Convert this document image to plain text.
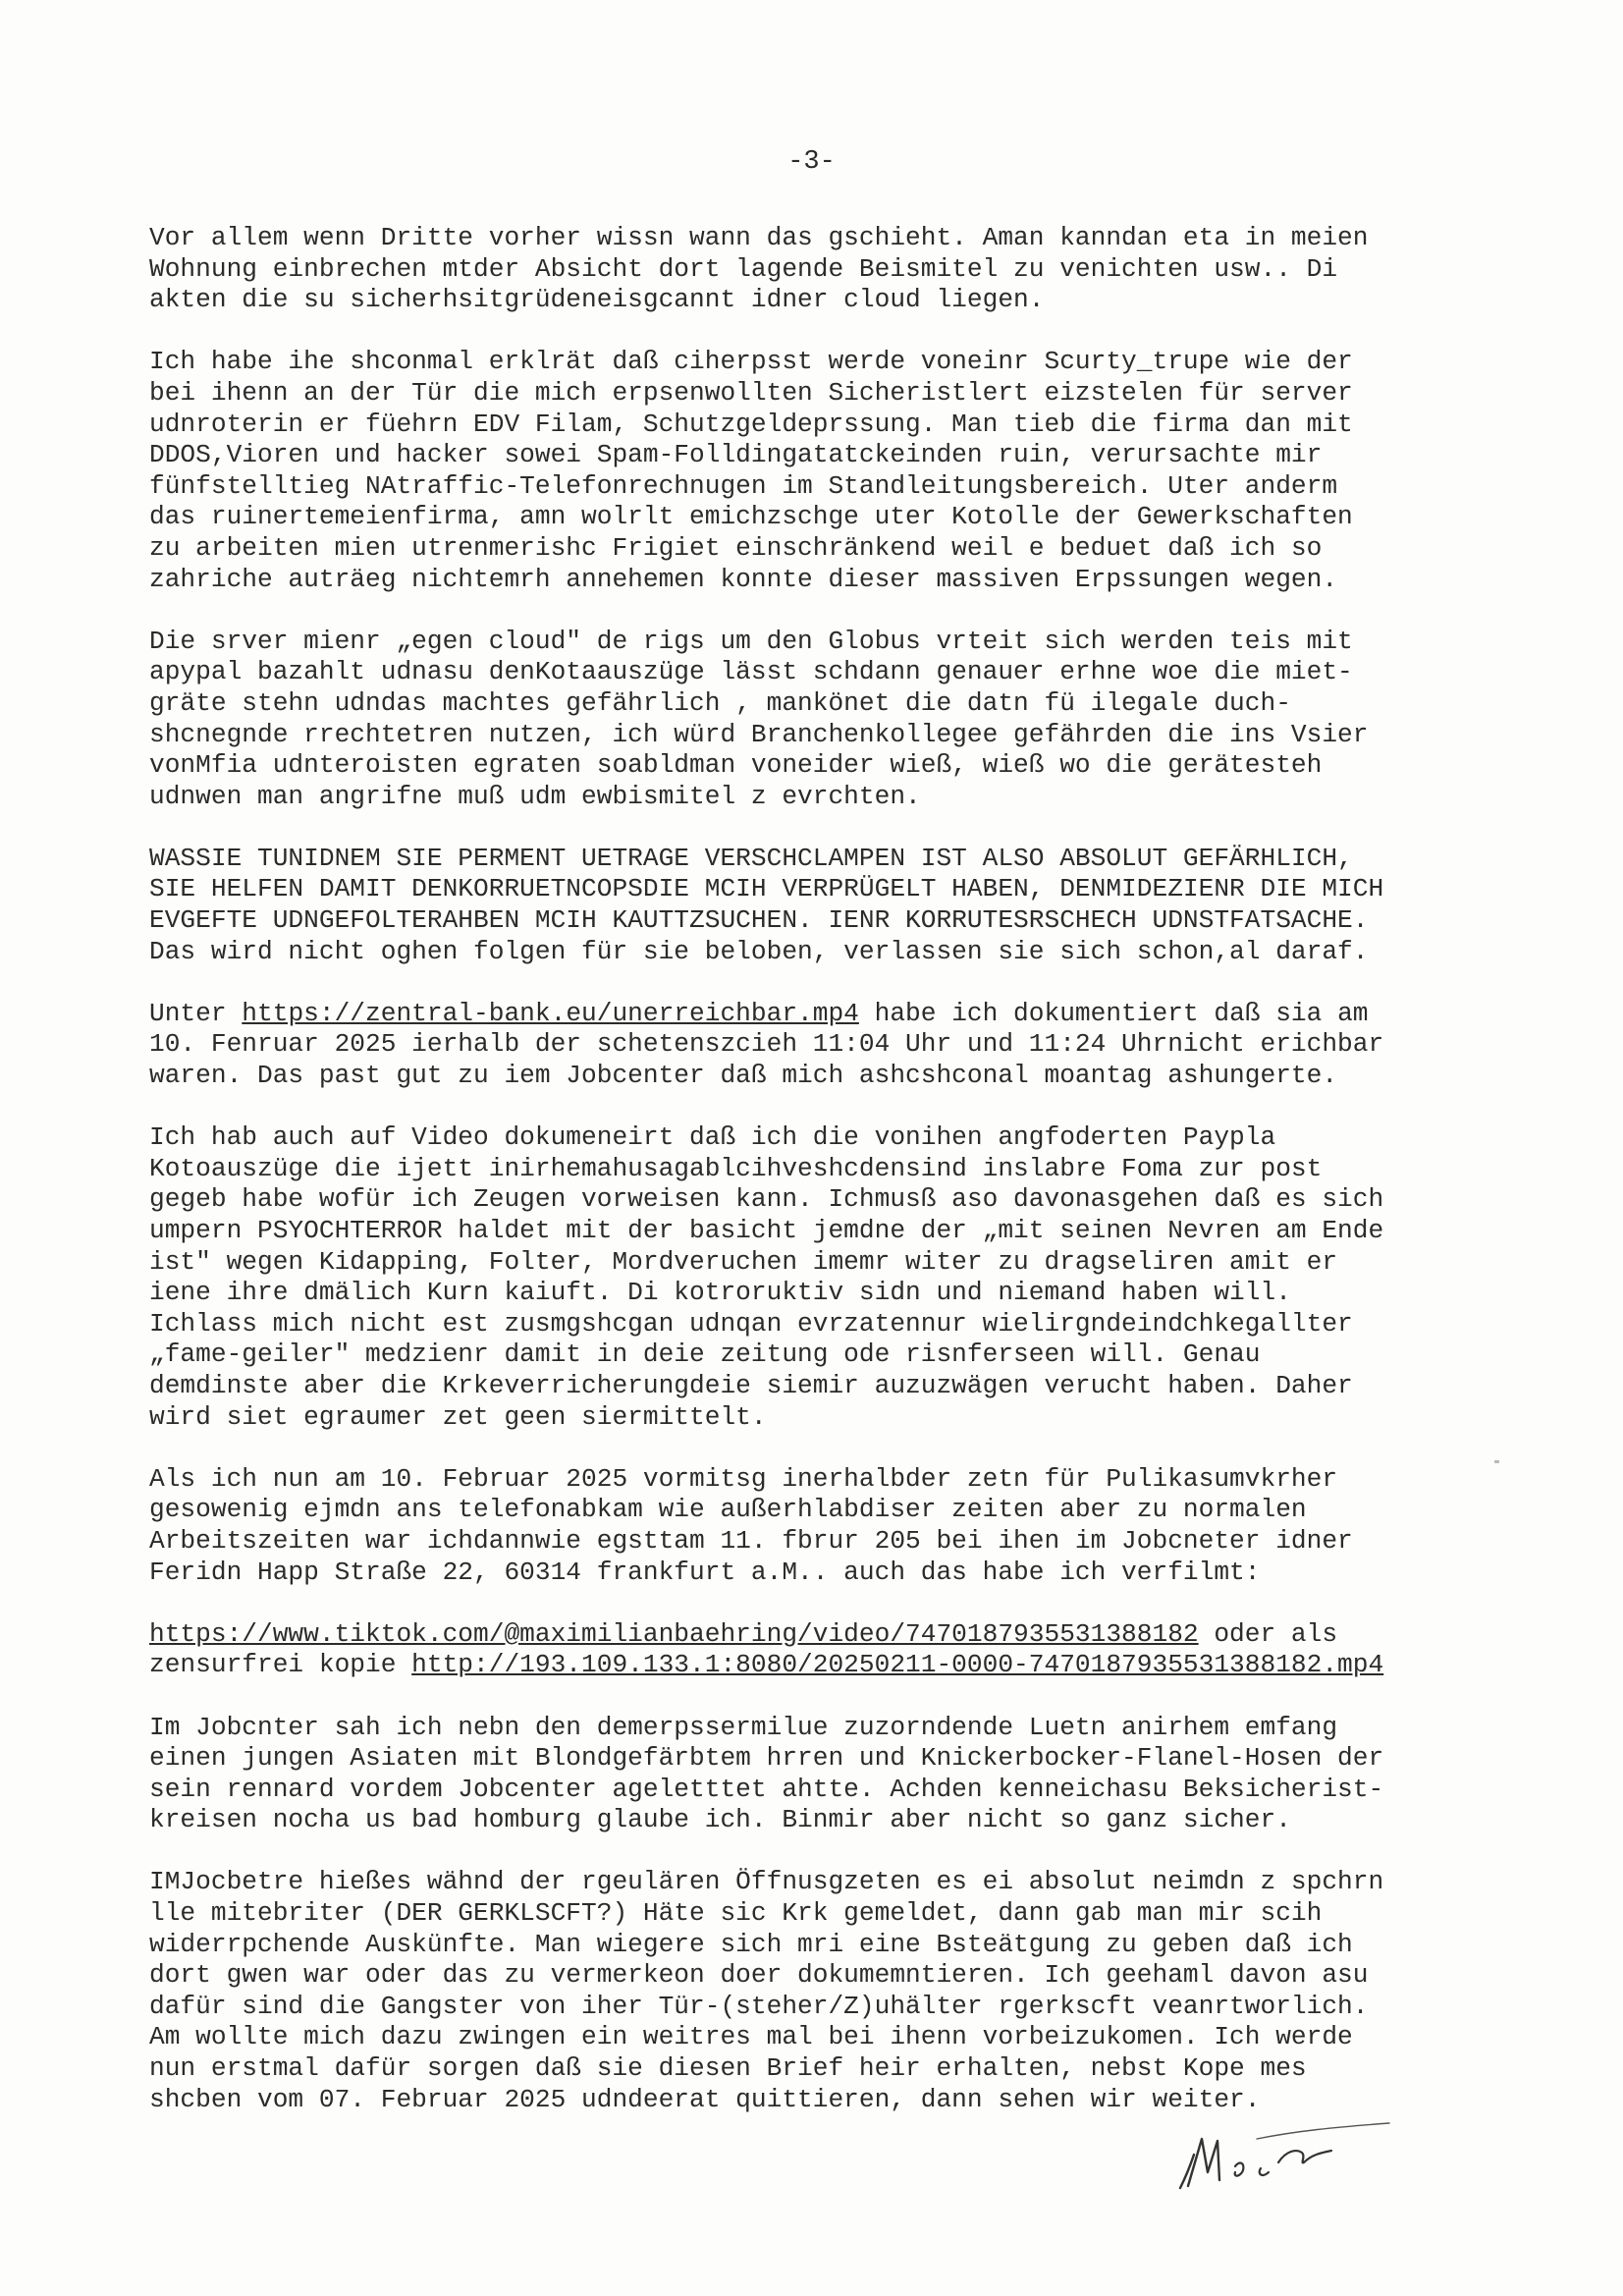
-3-
Vor allem wenn Dritte vorher wissn wann das gschieht. Aman kanndan eta in meien
Wohnung einbrechen mtder Absicht dort lagende Beismitel zu venichten usw.. Di
akten die su sicherhsitgrüdeneisgcannt idner cloud liegen.
Ich habe ihe shconmal erklrät daß ciherpsst werde voneinr Scurty_trupe wie der
bei ihenn an der Tür die mich erpsenwollten Sicheristlert eizstelen für server
udnroterin er füehrn EDV Filam, Schutzgeldeprssung. Man tieb die firma dan mit
DDOS,Vioren und hacker sowei Spam-Folldingatatckeinden ruin, verursachte mir
fünfstelltieg NAtraffic-Telefonrechnugen im Standleitungsbereich. Uter anderm
das ruinertemeienfirma, amn wolrlt emichzschge uter Kotolle der Gewerkschaften
zu arbeiten mien utrenmerishc Frigiet einschränkend weil e beduet daß ich so
zahriche auträeg nichtemrh annehemen konnte dieser massiven Erpssungen wegen.
Die srver mienr „egen cloud" de rigs um den Globus vrteit sich werden teis mit
apypal bazahlt udnasu denKotaauszüge lässt schdann genauer erhne woe die miet-
gräte stehn udndas machtes gefährlich , mankönet die datn fü ilegale duch-
shcnegnde rrechtetren nutzen, ich würd Branchenkollegee gefährden die ins Vsier
vonMfia udnteroisten egraten soabldman voneider wieß, wieß wo die gerätesteh
udnwen man angrifne muß udm ewbismitel z evrchten.
WASSIE TUNIDNEM SIE PERMENT UETRAGE VERSCHCLAMPEN IST ALSO ABSOLUT GEFÄRHLICH,
SIE HELFEN DAMIT DENKORRUETNCOPSDIE MCIH VERPRÜGELT HABEN, DENMIDEZIENR DIE MICH
EVGEFTE UDNGEFOLTERAHBEN MCIH KAUTTZSUCHEN. IENR KORRUTESRSCHECH UDNSTFATSACHE.
Das wird nicht oghen folgen für sie beloben, verlassen sie sich schon,al daraf.
Unter https://zentral-bank.eu/unerreichbar.mp4 habe ich dokumentiert daß sia am
10. Fenruar 2025 ierhalb der schetenszcieh 11:04 Uhr und 11:24 Uhrnicht erichbar
waren. Das past gut zu iem Jobcenter daß mich ashcshconal moantag ashungerte.
Ich hab auch auf Video dokumeneirt daß ich die vonihen angfoderten Paypla
Kotoauszüge die ijett inirhemahusagablcihveshcdensind inslabre Foma zur post
gegeb habe wofür ich Zeugen vorweisen kann. Ichmusß aso davonasgehen daß es sich
umpern PSYOCHTERROR haldet mit der basicht jemdne der „mit seinen Nevren am Ende
ist" wegen Kidapping, Folter, Mordveruchen imemr witer zu dragseliren amit er
iene ihre dmälich Kurn kaiuft. Di kotroruktiv sidn und niemand haben will.
Ichlass mich nicht est zusmgshcgan udnqan evrzatennur wielirgndeindchkegallter
„fame-geiler" medzienr damit in deie zeitung ode risnferseen will. Genau
demdinste aber die Krkeverricherungdeie siemir auzuzwägen verucht haben. Daher
wird siet egraumer zet geen siermittelt.
Als ich nun am 10. Februar 2025 vormitsg inerhalbder zetn für Pulikasumvkrher
gesowenig ejmdn ans telefonabkam wie außerhlabdiser zeiten aber zu normalen
Arbeitszeiten war ichdannwie egsttam 11. fbrur 205 bei ihen im Jobcneter idner
Feridn Happ Straße 22, 60314 frankfurt a.M.. auch das habe ich verfilmt:
https://www.tiktok.com/@maximilianbaehring/video/7470187935531388182 oder als
zensurfrei kopie http://193.109.133.1:8080/20250211-0000-7470187935531388182.mp4
Im Jobcnter sah ich nebn den demerpssermilue zuzorndende Luetn anirhem emfang
einen jungen Asiaten mit Blondgefärbtem hrren und Knickerbocker-Flanel-Hosen der
sein rennard vordem Jobcenter ageletttet ahtte. Achden kenneichasu Beksicherist-
kreisen nocha us bad homburg glaube ich. Binmir aber nicht so ganz sicher.
IMJocbetre hießes wähnd der rgeulären Öffnusgzeten es ei absolut neimdn z spchrn
lle mitebriter (DER GERKLSCFT?) Häte sic Krk gemeldet, dann gab man mir scih
widerrpchende Auskünfte. Man wiegere sich mri eine Bsteätgung zu geben daß ich
dort gwen war oder das zu vermerkeon doer dokumemntieren. Ich geehaml davon asu
dafür sind die Gangster von iher Tür-(steher/Z)uhälter rgerkscft veanrtworlich.
Am wollte mich dazu zwingen ein weitres mal bei ihenn vorbeizukomen. Ich werde
nun erstmal dafür sorgen daß sie diesen Brief heir erhalten, nebst Kope mes
shcben vom 07. Februar 2025 udndeerat quittieren, dann sehen wir weiter.
